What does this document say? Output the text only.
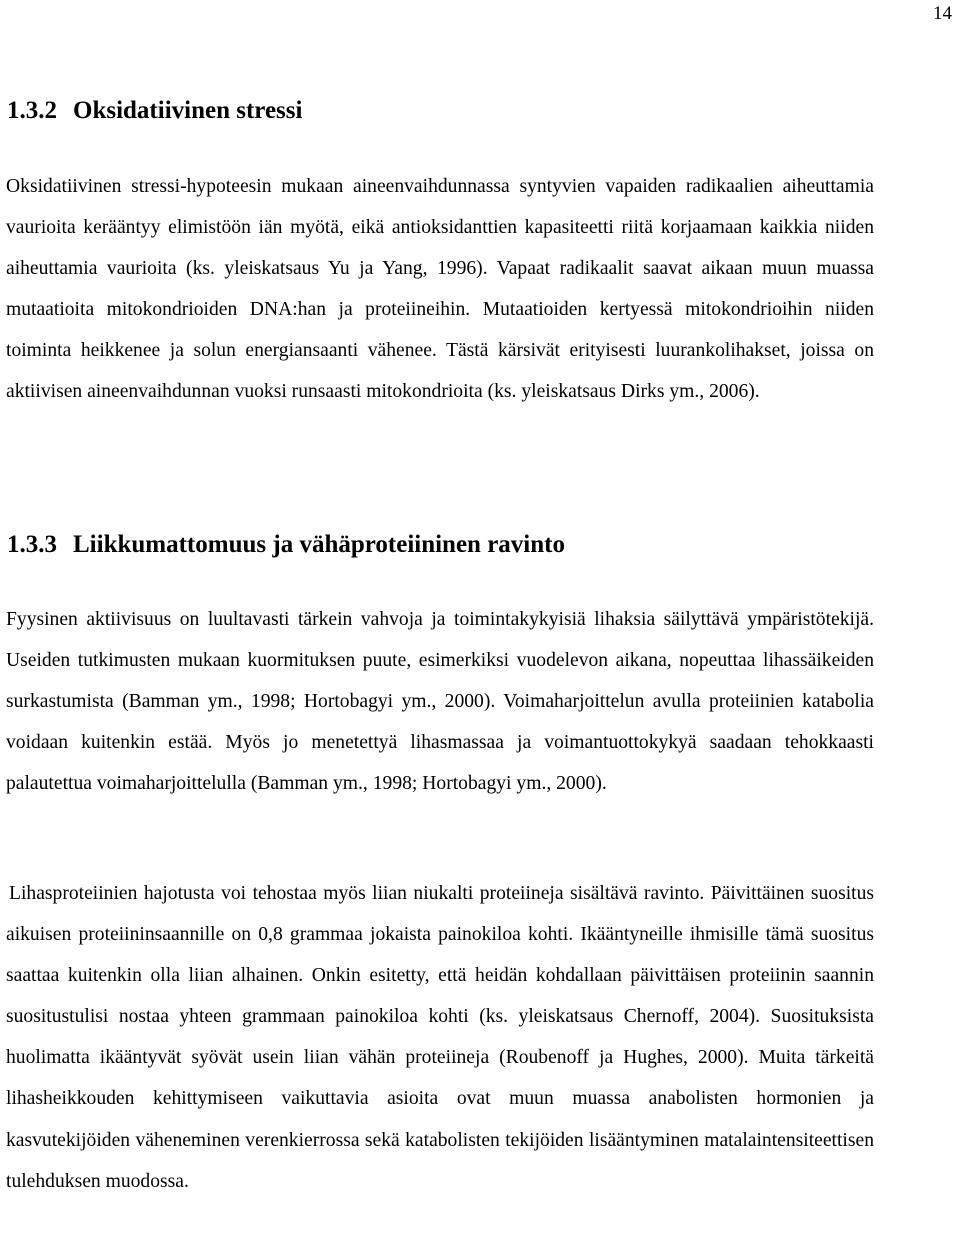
14
1.3.2 Oksidatiivinen stressi

Oksidatiivinen stressi-hypoteesin mukaan aineenvaihdunnassa syntyvien vapaiden radikaalien aiheuttamia vaurioita kerääntyy elimistöön iän myötä, eikä antioksidanttien kapasiteetti riitä korjaamaan kaikkia niiden aiheuttamia vaurioita (ks. yleiskatsaus Yu ja Yang, 1996). Vapaat radikaalit saavat aikaan muun muassa mutaatioita mitokondrioiden DNA:han ja proteiineihin. Mutaatioiden kertyessä mitokondrioihin niiden toiminta heikkenee ja solun energiansaanti vähenee. Tästä kärsivät erityisesti luurankolihakset, joissa on aktiivisen aineenvaihdunnan vuoksi runsaasti mitokondrioita (ks. yleiskatsaus Dirks ym., 2006).

1.3.3 Liikkumattomuus ja vähäproteiininen ravinto

Fyysinen aktiivisuus on luultavasti tärkein vahvoja ja toimintakykyisiä lihaksia säilyttävä ympäristötekijä. Useiden tutkimusten mukaan kuormituksen puute, esimerkiksi vuodelevon aikana, nopeuttaa lihassäikeiden surkastumista (Bamman ym., 1998; Hortobagyi ym., 2000). Voimaharjoittelun avulla proteiinien katabolia voidaan kuitenkin estää. Myös jo menetettyä lihasmassaa ja voimantuottokykyä saadaan tehokkaasti palautettua voimaharjoittelulla (Bamman ym., 1998; Hortobagyi ym., 2000).

Lihasproteiinien hajotusta voi tehostaa myös liian niukalti proteiineja sisältävä ravinto. Päivittäinen suositus aikuisen proteiininsaannille on 0,8 grammaa jokaista painokiloa kohti. Ikääntyneille ihmisille tämä suositus saattaa kuitenkin olla liian alhainen. Onkin esitetty, että heidän kohdallaan päivittäisen proteiinin saannin suositustulisi nostaa yhteen grammaan painokiloa kohti (ks. yleiskatsaus Chernoff, 2004). Suosituksista huolimatta ikääntyvät syövät usein liian vähän proteiineja (Roubenoff ja Hughes, 2000). Muita tärkeitä lihasheikkouden kehittymiseen vaikuttavia asioita ovat muun muassa anabolisten hormonien ja kasvutekijöiden väheneminen verenkierrossa sekä katabolisten tekijöiden lisääntyminen matalaintensiteettisen tulehduksen muodossa.
